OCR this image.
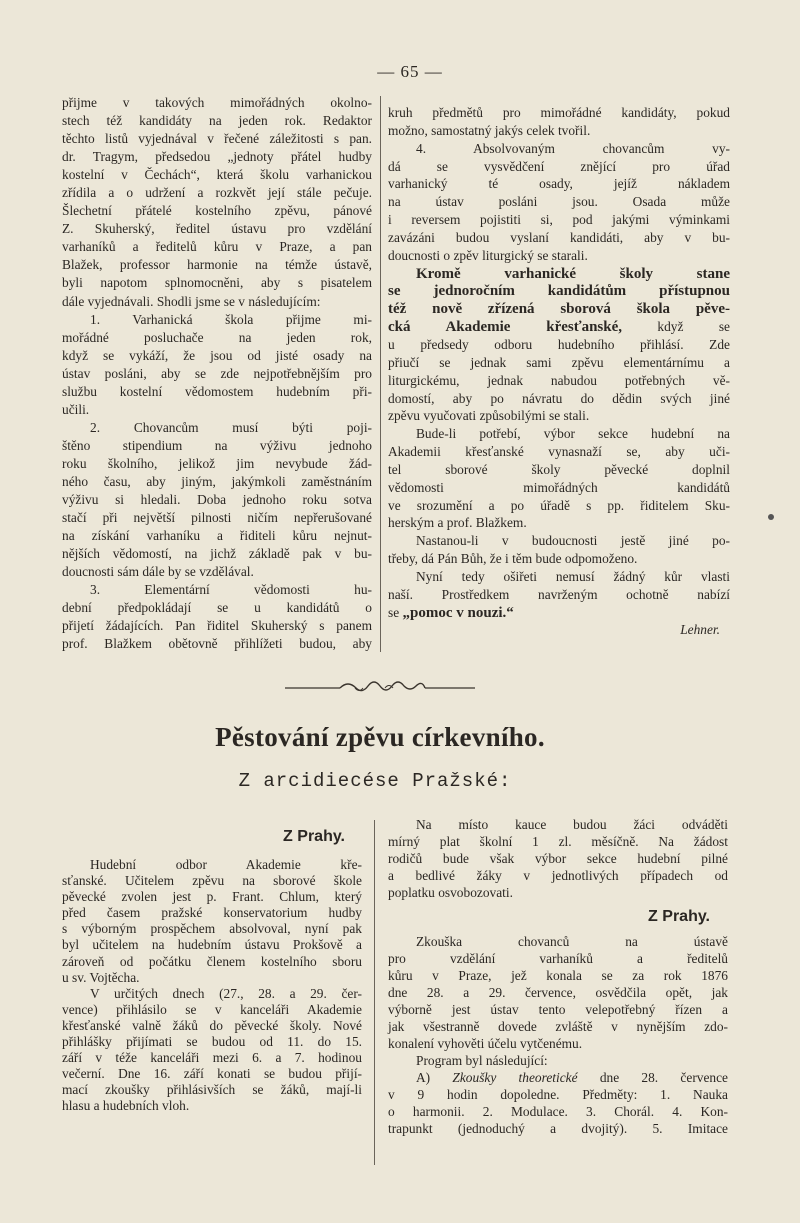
— 65 —
přijme v takových mimořádných okolno-
stech též kandidáty na jeden rok. Redaktor
těchto listů vyjednával v řečené záležitosti s pan.
dr. Tragym, předsedou „jednoty přátel hudby
kostelní v Čechách“, která školu varhanickou
zřídila a o udržení a rozkvět její stále pečuje.
Šlechetní přátelé kostelního zpěvu, pánové
Z. Skuherský, ředitel ústavu pro vzdělání
varhaníků a ředitelů kůru v Praze, a pan
Blažek, professor harmonie na témže ústavě,
byli napotom splnomocněni, aby s pisatelem
dále vyjednávali. Shodli jsme se v následujícím:
1. Varhanická škola přijme mi-
mořádné posluchače na jeden rok,
když se vykáží, že jsou od jisté osady na
ústav posláni, aby se zde nejpotřebnějším pro
službu kostelní vědomostem hudebním při-
učili.
2. Chovancům musí býti poji-
štěno stipendium na výživu jednoho
roku školního, jelikož jim nevybude žád-
ného času, aby jiným, jakýmkoli zaměstnáním
výživu si hledali. Doba jednoho roku sotva
stačí při největší pilnosti ničím nepřerušované
na získání varhaníku a řiditeli kůru nejnut-
nějších vědomostí, na jichž základě pak v bu-
doucnosti sám dále by se vzdělával.
3. Elementární vědomosti hu-
dební předpokládají se u kandidátů o
přijetí žádajících. Pan řiditel Skuherský s panem
prof. Blažkem obětovně přihlížeti budou, aby
kruh předmětů pro mimořádné kandidáty, pokud
možno, samostatný jakýs celek tvořil.
4. Absolvovaným chovancům vy-
dá se vysvědčení znějící pro úřad
varhanický té osady, jejíž nákladem
na ústav posláni jsou. Osada může
i reversem pojistiti si, pod jakými výminkami
zavázáni budou vyslaní kandidáti, aby v bu-
doucnosti o zpěv liturgický se starali.
Kromě varhanické školy stane
se jednoročním kandidátům přístupnou
též nově zřízená sborová škola pěve-
cká Akademie křesťanské, když se
u předsedy odboru hudebního přihlásí. Zde
přiučí se jednak sami zpěvu elementárnímu a
liturgickému, jednak nabudou potřebných vě-
domostí, aby po návratu do dědin svých jiné
zpěvu vyučovati způsobilými se stali.
Bude-li potřebí, výbor sekce hudební na
Akademii křesťanské vynasnaží se, aby uči-
tel sborové školy pěvecké doplnil
vědomosti mimořádných kandidátů
ve srozumění a po úřadě s pp. řiditelem Sku-
herským a prof. Blažkem.
Nastanou-li v budoucnosti jestě jiné po-
třeby, dá Pán Bůh, že i těm bude odpomoženo.
Nyní tedy ošiřeti nemusí žádný kůr vlasti
naší. Prostředkem navrženým ochotně nabízí
se „pomoc v nouzi.“
Lehner.
Pěstování zpěvu církevního.
Z arcidiecése Pražské:
Z Prahy.
Hudební odbor Akademie kře-
sťanské. Učitelem zpěvu na sborové škole
pěvecké zvolen jest p. Frant. Chlum, který
před časem pražské konservatorium hudby
s výborným prospěchem absolvoval, nyní pak
byl učitelem na hudebním ústavu Prokšově a
zároveň od počátku členem kostelního sboru
u sv. Vojtěcha.
V určitých dnech (27., 28. a 29. čer-
vence) přihlásilo se v kanceláři Akademie
křesťanské valně žáků do pěvecké školy. Nové
přihlášky přijímati se budou od 11. do 15.
září v téže kanceláři mezi 6. a 7. hodinou
večerní. Dne 16. září konati se budou přijí-
mací zkoušky přihlásivších se žáků, mají-li
hlasu a hudebních vloh.
Na místo kauce budou žáci odváděti
mírný plat školní 1 zl. měsíčně. Na žádost
rodičů bude však výbor sekce hudební pilné
a bedlivé žáky v jednotlivých případech od
poplatku osvobozovati.
Z Prahy.
Zkouška chovanců na ústavě
pro vzdělání varhaníků a ředitelů
kůru v Praze, jež konala se za rok 1876
dne 28. a 29. července, osvědčila opět, jak
výborně jest ústav tento velepotřebný řízen a
jak všestranně dovede zvláště v nynějším zdo-
konalení vyhověti účelu vytčenému.
Program byl následující:
A) Zkoušky theoretické dne 28. července
v 9 hodin dopoledne. Předměty: 1. Nauka
o harmonii. 2. Modulace. 3. Chorál. 4. Kon-
trapunkt (jednoduchý a dvojitý). 5. Imitace
